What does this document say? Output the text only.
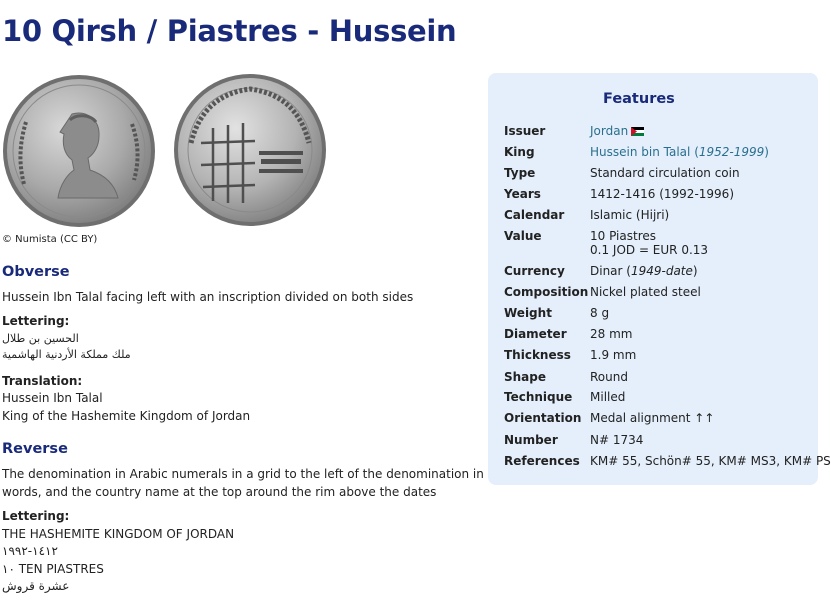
10 Qirsh / Piastres - Hussein
© Numista (CC BY)
Obverse
Hussein Ibn Talal facing left with an inscription divided on both sides
Lettering:
الحسين بن طلال
ملك مملكة الأردنية الهاشمية
Translation:
Hussein Ibn Talal
King of the Hashemite Kingdom of Jordan
Reverse
The denomination in Arabic numerals in a grid to the left of the denomination in
words, and the country name at the top around the rim above the dates
Lettering:
THE HASHEMITE KINGDOM OF JORDAN
١٤١٢-١٩٩٢
١٠ TEN PIASTRES
عشرة قروش
Features
Issuer	Jordan
King	Hussein bin Talal (1952-1999)
Type	Standard circulation coin
Years	1412-1416 (1992-1996)
Calendar Islamic (Hijri)
Value	10 Piastres
0.1 JOD = EUR 0.13
Currency Dinar (1949-date)
Composition Nickel plated steel
Weight	8 g
Diameter 28 mm
Thickness 1.9 mm
Shape	Round
Technique Milled
Orientation Medal alignment ↑↑
Number	N# 1734
References KM# 55, Schön# 55, KM# MS3, KM# PS
